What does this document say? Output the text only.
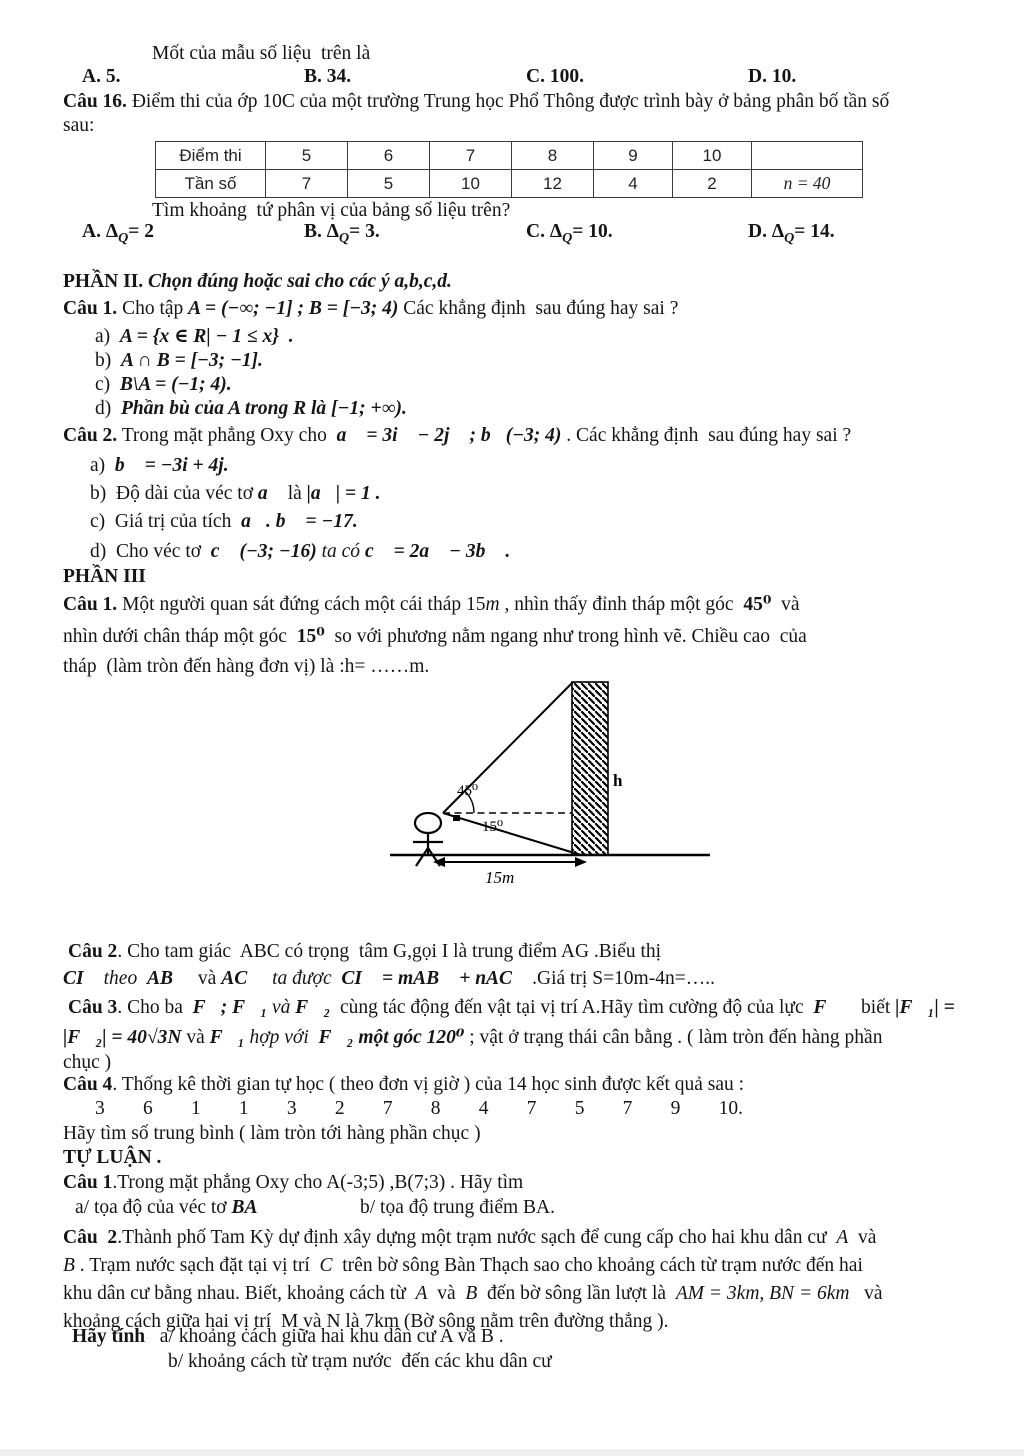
Mốt của mẫu số liệu  trên là
A. 5.	B. 34.	C. 100.	D. 10.
Câu 16. Điểm thi của ớp 10C của một trường Trung học Phổ Thông được trình bày ở bảng phân bố tần số
sau:
Điểm thi	5	6	7	8	9	10	
Tần số	7	5	10	12	4	2	n = 40
Tìm khoảng  tứ phân vị của bảng số liệu trên?
A. $\Delta_Q= 2$	B. $\Delta_Q= 3$.	C. $\Delta_Q= 10$.	D. $\Delta_Q= 14$.
PHẦN II. Chọn đúng hoặc sai cho các ý a,b,c,d.
Câu 1. Cho tập A = (−∞; −1] ; B = [−3; 4) Các khẳng định  sau đúng hay sai ?
a)  A = {x ∈ R| − 1 ≤ x}  .
b)  A ∩ B = [−3; −1].
c)  B\A = (−1; 4).
d)  Phần bù của A trong R là [−1; +∞).
Câu 2. Trong mặt phẳng Oxy cho  a⃗ = 3i⃗ − 2j⃗ ; b⃗(−3; 4) . Các khẳng định  sau đúng hay sai ?
a)  b⃗ = −3i + 4j.
b)  Độ dài của véc tơ a⃗ là |a⃗| = 1 .
c)  Giá trị của tích  a⃗. b⃗ = −17.
d)  Cho véc tơ  c⃗ (−3; −16) ta có c⃗ = 2a⃗ − 3b⃗ .
PHẦN III
Câu 1. Một người quan sát đứng cách một cái tháp 15m , nhìn thấy đỉnh tháp một góc  45⁰  và
nhìn dưới chân tháp một góc  15⁰  so với phương nằm ngang như trong hình vẽ. Chiều cao  của
tháp  (làm tròn đến hàng đơn vị) là :h= ……m.
45⁰
15⁰
h
15m
Câu 2. Cho tam giác  ABC có trọng  tâm G,gọi I là trung điểm AG .Biểu thị
CI⃗ theo  AB⃗  và AC⃗  ta được  CI⃗ = mAB⃗ + nAC⃗ .Giá trị S=10m-4n=…..
Câu 3. Cho ba  F⃗; F⃗₁ và F⃗₂  cùng tác động đến vật tại vị trí A.Hãy tìm cường độ của lực  F⃗    biết |F⃗₁| =
|F⃗₂| = 40√3N và F⃗₁ hợp với  F⃗₂ một góc 120⁰ ; vật ở trạng thái cân bằng . ( làm tròn đến hàng phần
chục )
Câu 4. Thống kê thời gian tự học ( theo đơn vị giờ ) của 14 học sinh được kết quả sau :
3 6 1 1 3 2 7 8 4 7 5 7 9 10.
Hãy tìm số trung bình ( làm tròn tới hàng phần chục )
TỰ LUẬN .
Câu 1.Trong mặt phẳng Oxy cho A(-3;5) ,B(7;3) . Hãy tìm
a/ tọa độ của véc tơ BA⃗	b/ tọa độ trung điểm BA.
Câu  2.Thành phố Tam Kỳ dự định xây dựng một trạm nước sạch để cung cấp cho hai khu dân cư  A  và
B . Trạm nước sạch đặt tại vị trí  C  trên bờ sông Bàn Thạch sao cho khoảng cách từ trạm nước đến hai
khu dân cư bằng nhau. Biết, khoảng cách từ  A  và  B  đến bờ sông lần lượt là  AM = 3km, BN = 6km   và
khoảng cách giữa hai vị trí  M và N là 7km (Bờ sông nằm trên đường thẳng ).
Hãy tính   a/ khoảng cách giữa hai khu dân cư A và B .
b/ khoảng cách từ trạm nước  đến các khu dân cư
